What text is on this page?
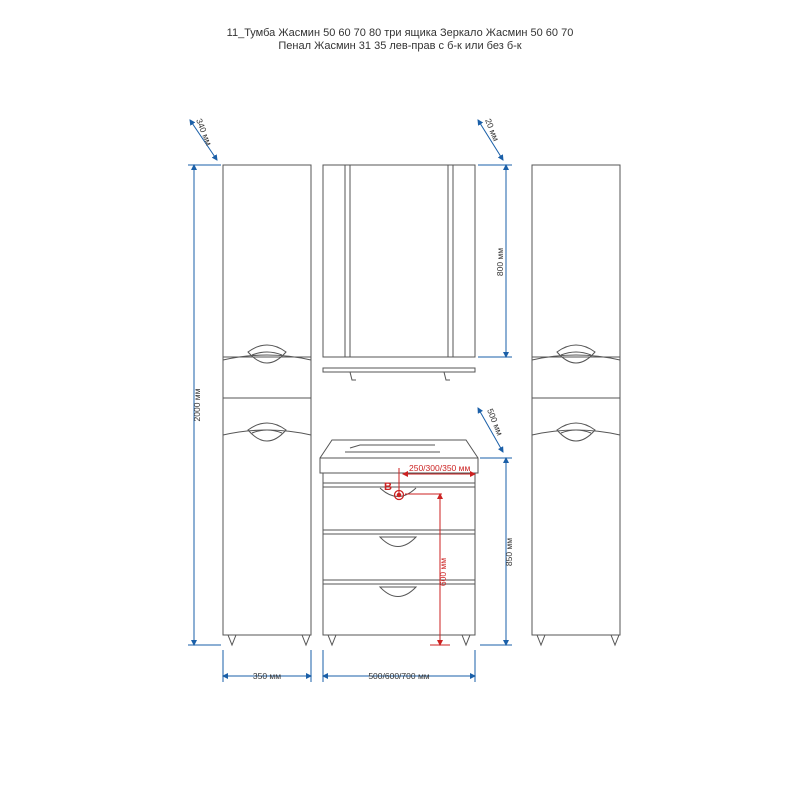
11_Тумба Жасмин 50 60 70 80 три ящика Зеркало Жасмин 50 60 70
Пенал Жасмин 31 35 лев-прав с б-к или без б-к
340 мм	20 мм
800 мм
500 мм
850 мм
2000 мм
600 мм
250/300/350 мм
В
350 мм	500/600/700 мм
